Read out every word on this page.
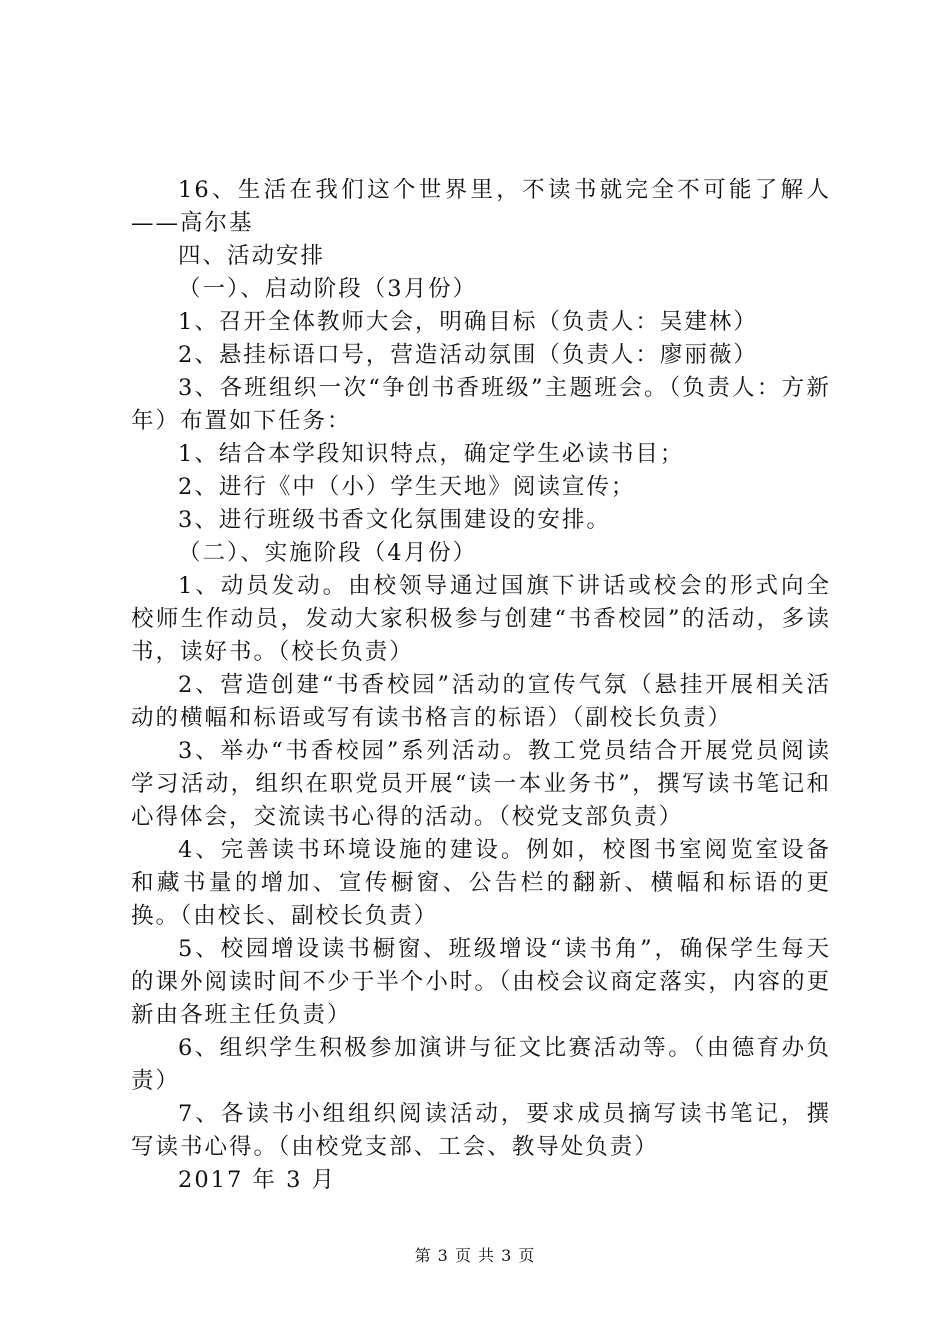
16、生活在我们这个世界里，不读书就完全不可能了解人——高尔基

四、活动安排

（一）、启动阶段（3月份）

1、召开全体教师大会，明确目标（负责人：吴建林）

2、悬挂标语口号，营造活动氛围（负责人：廖丽薇）

3、各班组织一次“争创书香班级”主题班会。（负责人：方新年）布置如下任务：

1、结合本学段知识特点，确定学生必读书目；

2、进行《中（小）学生天地》阅读宣传；

3、进行班级书香文化氛围建设的安排。

（二）、实施阶段（4月份）

1、动员发动。由校领导通过国旗下讲话或校会的形式向全校师生作动员，发动大家积极参与创建“书香校园”的活动，多读书，读好书。（校长负责）

2、营造创建“书香校园”活动的宣传气氛（悬挂开展相关活动的横幅和标语或写有读书格言的标语）（副校长负责）

3、举办“书香校园”系列活动。教工党员结合开展党员阅读学习活动，组织在职党员开展“读一本业务书”，撰写读书笔记和心得体会，交流读书心得的活动。（校党支部负责）

4、完善读书环境设施的建设。例如，校图书室阅览室设备和藏书量的增加、宣传橱窗、公告栏的翻新、横幅和标语的更换。（由校长、副校长负责）

5、校园增设读书橱窗、班级增设“读书角”，确保学生每天的课外阅读时间不少于半个小时。（由校会议商定落实，内容的更新由各班主任负责）

6、组织学生积极参加演讲与征文比赛活动等。（由德育办负责）

7、各读书小组组织阅读活动，要求成员摘写读书笔记，撰写读书心得。（由校党支部、工会、教导处负责）

2017 年 3 月

第 3 页 共 3 页
